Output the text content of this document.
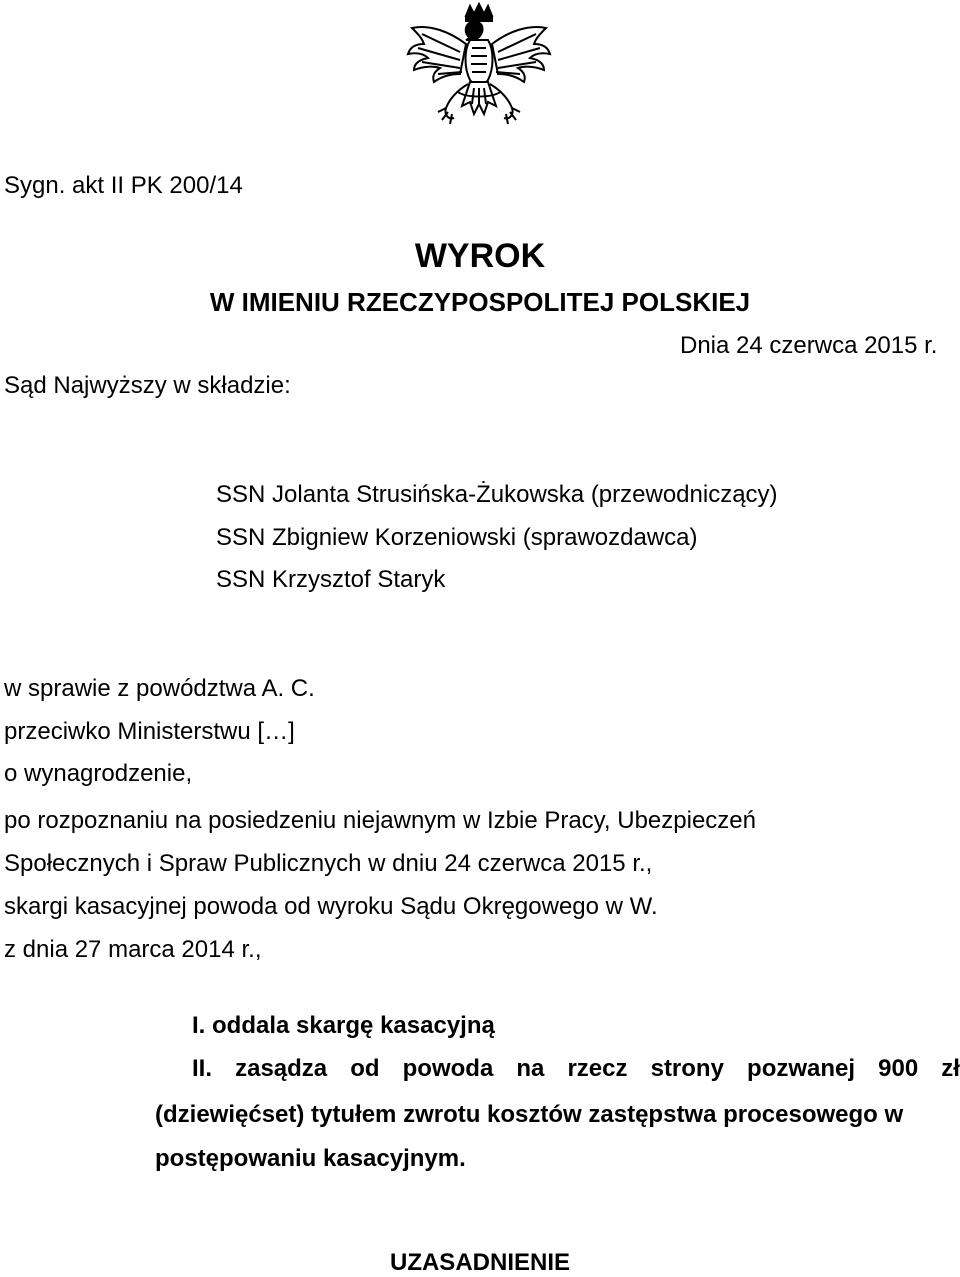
Sygn. akt II PK 200/14
WYROK
W IMIENIU RZECZYPOSPOLITEJ POLSKIEJ
Dnia 24 czerwca 2015 r.
Sąd Najwyższy w składzie:
SSN Jolanta Strusińska-Żukowska (przewodniczący)
SSN Zbigniew Korzeniowski (sprawozdawca)
SSN Krzysztof Staryk
w sprawie z powództwa A. C.
przeciwko Ministerstwu […]
o wynagrodzenie,
po rozpoznaniu na posiedzeniu niejawnym w Izbie Pracy, Ubezpieczeń
Społecznych i Spraw Publicznych w dniu 24 czerwca 2015 r.,
skargi kasacyjnej powoda od wyroku Sądu Okręgowego w W.
z dnia 27 marca 2014 r.,
I. oddala skargę kasacyjną
II. zasądza od powoda na rzecz strony pozwanej 900 zł
(dziewięćset) tytułem zwrotu kosztów zastępstwa procesowego w
postępowaniu kasacyjnym.
UZASADNIENIE
